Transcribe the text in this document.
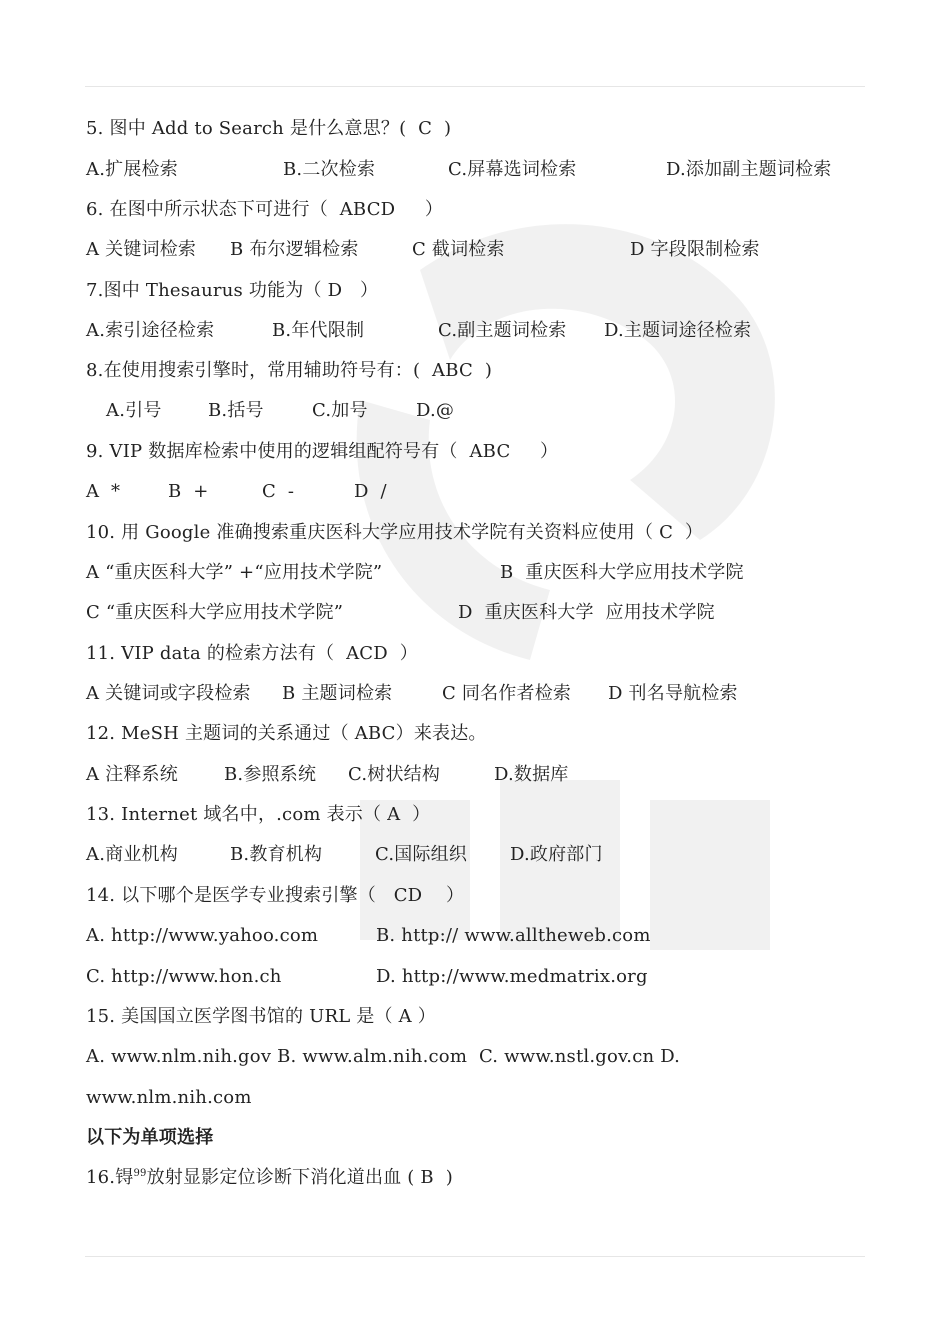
5. 图中 Add to Search 是什么意思？(  C  )

A.扩展检索

	B.二次检索

	C.屏幕选词检索

	D.添加副主题词检索

6. 在图中所示状态下可进行（  ABCD     ）

A 关键词检索

B 布尔逻辑检索

	C 截词检索

	D 字段限制检索

7.图中 Thesaurus 功能为（ D   ）

A.索引途径检索

	B.年代限制

	C.副主题词检索

D.主题词途径检索

8.在使用搜索引擎时，常用辅助符号有：(  ABC  )

A.引号

	B.括号

	C.加号

	D.@

9. VIP 数据库检索中使用的逻辑组配符号有（  ABC     ）

A  *

	B  +

	C  -

	D  /

10. 用 Google 准确搜索重庆医科大学应用技术学院有关资料应使用（ C  ）

A “重庆医科大学” +“应用技术学院”

	B  重庆医科大学应用技术学院

C “重庆医科大学应用技术学院”

	D  重庆医科大学  应用技术学院

11. VIP data 的检索方法有（  ACD  ）

A 关键词或字段检索

B 主题词检索

	C 同名作者检索

D 刊名导航检索

12. MeSH 主题词的关系通过（ ABC）来表达。

A 注释系统

	B.参照系统

C.树状结构

	D.数据库

13. Internet 域名中，.com 表示（ A  ）

A.商业机构

	B.教育机构

	C.国际组织

D.政府部门

14. 以下哪个是医学专业搜索引擎（   CD    ）

A. http://www.yahoo.com

	B. http:// www.alltheweb.com

C. http://www.hon.ch

	D. http://www.medmatrix.org

15. 美国国立医学图书馆的 URL 是（ A ）

A. www.nlm.nih.gov B. www.alm.nih.com  C. www.nstl.gov.cn D.

www.nlm.nih.com

以下为单项选择

16.锝$^{99}$放射显影定位诊断下消化道出血 ( B  )
